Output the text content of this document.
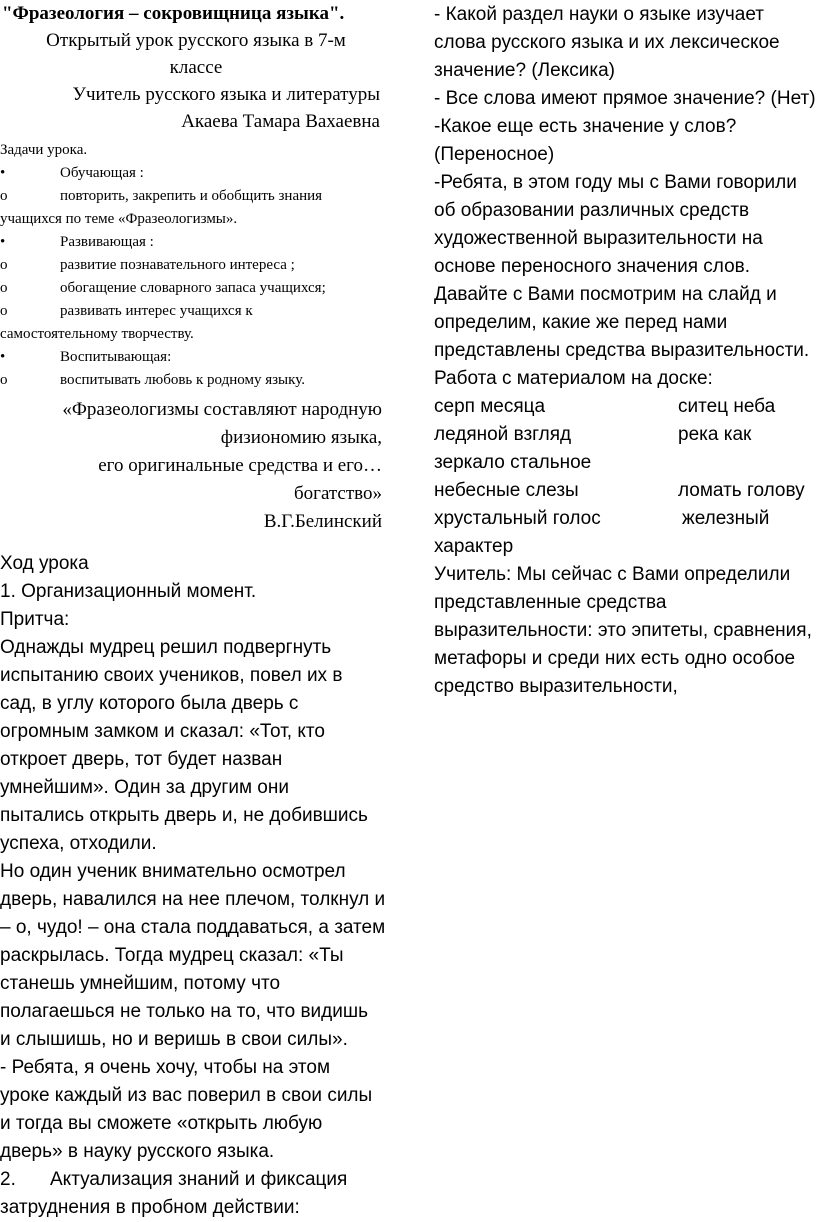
"Фразеология – сокровищница языка".
Открытый урок русского языка в 7-м
классе
Учитель русского языка и литературы
Акаева Тамара Вахаевна
Задачи урока.
•	Обучающая :
o	повторить, закрепить и обобщить знания
учащихся по теме «Фразеологизмы».
•	Развивающая :
o	развитие познавательного интереса ;
o	обогащение словарного запаса учащихся;
o	развивать интерес учащихся к
самостоятельному творчеству.
•	Воспитывающая:
o	воспитывать любовь к родному языку.
«Фразеологизмы составляют народную
физиономию языка,
его оригинальные средства и его…
богатство»
В.Г.Белинский
Ход урока
1. Организационный момент.
Притча:
Однажды мудрец решил подвергнуть
испытанию своих учеников, повел их в
сад, в углу которого была дверь с
огромным замком и сказал: «Тот, кто
откроет дверь, тот будет назван
умнейшим». Один за другим они
пытались открыть дверь и, не добившись
успеха, отходили.
Но один ученик внимательно осмотрел
дверь, навалился на нее плечом, толкнул и
– о, чудо! – она стала поддаваться, а затем
раскрылась. Тогда мудрец сказал: «Ты
станешь умнейшим, потому что
полагаешься не только на то, что видишь
и слышишь, но и веришь в свои силы».
- Ребята, я очень хочу, чтобы на этом
уроке каждый из вас поверил в свои силы
и тогда вы сможете «открыть любую
дверь» в науку русского языка.
2.	Актуализация знаний и фиксация
затруднения в пробном действии:
- Какой раздел науки о языке изучает
слова русского языка и их лексическое
значение? (Лексика)
- Все слова имеют прямое значение? (Нет)
-Какое еще есть значение у слов?
(Переносное)
-Ребята, в этом году мы с Вами говорили
об образовании различных средств
художественной выразительности на
основе переносного значения слов.
Давайте с Вами посмотрим на слайд и
определим, какие же перед нами
представлены средства выразительности.
Работа с материалом на доске:
серп месяца	ситец неба
ледяной взгляд	река как
зеркало стальное
небесные слезы	ломать голову
хрустальный голос	железный
характер
Учитель: Мы сейчас с Вами определили
представленные средства
выразительности: это эпитеты, сравнения,
метафоры и среди них есть одно особое
средство выразительности,
